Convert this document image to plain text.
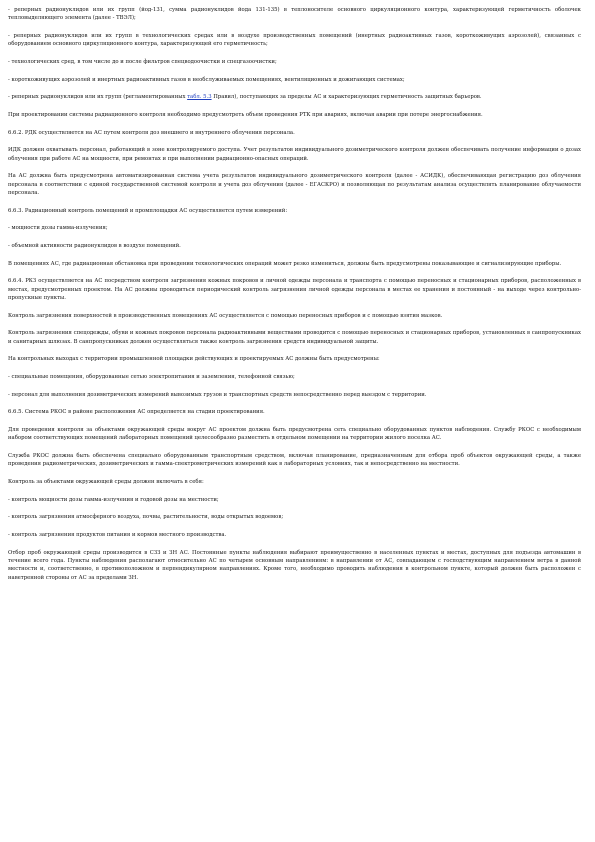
- реперных радионуклидов или их групп (йод-131, сумма радионуклидов йода 131-135) в теплоносителе основного циркуляционного контура, характеризующей герметичность оболочек тепловыделяющего элемента (далее - ТВЭЛ);

- реперных радионуклидов или их групп в технологических средах или в воздухе производственных помещений (инертных радиоактивных газов, короткоживущих аэрозолей), связанных с оборудованием основного циркуляционного контура, характеризующей его герметичность;

- технологических сред, в том числе до и после фильтров спецводоочистки и спецгазоочистки;

- короткоживущих аэрозолей и инертных радиоактивных газов в необслуживаемых помещениях, вентиляционных и дожигающих системах;

- реперных радионуклидов или их групп (регламентированных табл. 5.3 Правил), поступающих за пределы АС и характеризующих герметичность защитных барьеров.

При проектировании системы радиационного контроля необходимо предусмотреть объем проведения РТК при авариях, включая аварии при потере энергоснабжения.

6.6.2. РДК осуществляется на АС путем контроля доз внешнего и внутреннего облучения персонала.

ИДК должен охватывать персонал, работающий в зоне контролируемого доступа. Учет результатов индивидуального дозиметрического контроля должен обеспечивать получение информации о дозах облучения при работе АС на мощности, при ремонтах и при выполнении радиационно-опасных операций.

На АС должна быть предусмотрена автоматизированная система учета результатов индивидуального дозиметрического контроля (далее - АСИДК), обеспечивающая регистрацию доз облучения персонала в соответствии с единой государственной системой контроля и учета доз облучения (далее - ЕГАСКРО) и позволяющая по результатам анализа осуществлять планирование облучаемости персонала.

6.6.3. Радиационный контроль помещений и промплощадки АС осуществляется путем измерений:

- мощности дозы гамма-излучения;

- объемной активности радионуклидов в воздухе помещений.

В помещениях АС, где радиационная обстановка при проведении технологических операций может резко измениться, должны быть предусмотрены показывающие и сигнализирующие приборы.

6.6.4. РКЗ осуществляется на АС посредством контроля загрязнения кожных покровов и личной одежды персонала и транспорта с помощью переносных и стационарных приборов, расположенных в местах, предусмотренных проектом. На АС должны проводиться периодический контроль загрязнения личной одежды персонала в местах ее хранения и постоянный - на выходе через контрольно-пропускные пункты.

Контроль загрязнения поверхностей в производственных помещениях АС осуществляется с помощью переносных приборов и с помощью взятия мазков.

Контроль загрязнения спецодежды, обуви и кожных покровов персонала радиоактивными веществами проводится с помощью переносных и стационарных приборов, установленных в санпропускниках и санитарных шлюзах. В санпропускниках должен осуществляться также контроль загрязнения средств индивидуальной защиты.

На контрольных выходах с территории промышленной площадки действующих и проектируемых АС должны быть предусмотрены:

- специальные помещения, оборудованные сетью электропитания и заземления, телефонной связью;

- персонал для выполнения дозиметрических измерений вывозимых грузов и транспортных средств непосредственно перед выездом с территории.

6.6.5. Система РКОС в районе расположения АС определяется на стадии проектирования.

Для проведения контроля за объектами окружающей среды вокруг АС проектом должна быть предусмотрена сеть специально оборудованных пунктов наблюдения. Службу РКОС с необходимым набором соответствующих помещений лабораторных помещений целесообразно разместить в отдельном помещении на территории жилого поселка АС.

Служба РКОС должна быть обеспечена специально оборудованным транспортным средством, включая планирование, предназначенным для отбора проб объектов окружающей среды, а также проведения радиометрических, дозиметрических и гамма-спектрометрических измерений как в лабораторных условиях, так и непосредственно на местности.

Контроль за объектами окружающей среды должен включать в себя:

- контроль мощности дозы гамма-излучения и годовой дозы на местности;

- контроль загрязнения атмосферного воздуха, почвы, растительности, воды открытых водоемов;

- контроль загрязнения продуктов питания и кормов местного производства.

Отбор проб окружающей среды производится в СЗЗ и ЗН АС. Постоянные пункты наблюдения выбирают преимущественно в населенных пунктах и местах, доступных для подъезда автомашин в течение всего года. Пункты наблюдения располагают относительно АС по четырем основным направлениям: в направлении от АС, совпадающем с господствующим направлением ветра в данной местности и, соответственно, в противоположном и перпендикулярном направлениях. Кроме того, необходимо проводить наблюдения в контрольном пункте, который должен быть расположен с наветренной стороны от АС за пределами ЗН.
